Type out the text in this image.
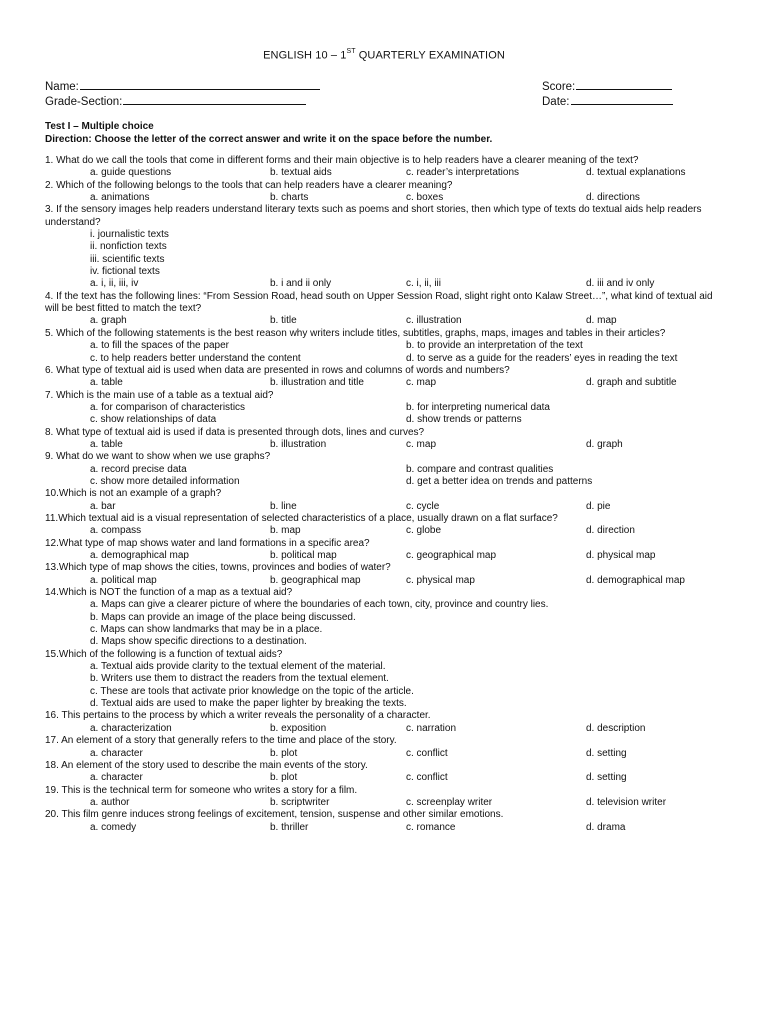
ENGLISH 10 – 1ST QUARTERLY EXAMINATION
Name:
Grade-Section:
Score:
Date:
Test I – Multiple choice
Direction: Choose the letter of the correct answer and write it on the space before the number.
1. What do we call the tools that come in different forms and their main objective is to help readers have a clearer meaning of the text?
a. guide questions	b. textual aids	c. reader’s interpretations	d. textual explanations
2. Which of the following belongs to the tools that can help readers have a clearer meaning?
a. animations	b. charts	c. boxes	d. directions
3. If the sensory images help readers understand literary texts such as poems and short stories, then which type of texts do textual aids help readers understand?
i. journalistic texts
ii. nonfiction texts
iii. scientific texts
iv. fictional texts
a. i, ii, iii, iv	b. i and ii only	c. i, ii, iii	d. iii and iv only
4. If the text has the following lines: “From Session Road, head south on Upper Session Road, slight right onto Kalaw Street…”, what kind of textual aid will be best fitted to match the text?
a. graph	b. title	c. illustration	d. map
5. Which of the following statements is the best reason why writers include titles, subtitles, graphs, maps, images and tables in their articles?
a. to fill the spaces of the paper	b. to provide an interpretation of the text
c. to help readers better understand the content	d. to serve as a guide for the readers’ eyes in reading the text
6. What type of textual aid is used when data are presented in rows and columns of words and numbers?
a. table	b. illustration and title	c. map	d. graph and subtitle
7. Which is the main use of a table as a textual aid?
a. for comparison of characteristics	b. for interpreting numerical data
c. show relationships of data	d. show trends or patterns
8. What type of textual aid is used if data is presented through dots, lines and curves?
a. table	b. illustration	c. map	d. graph
9. What do we want to show when we use graphs?
a. record precise data	b. compare and contrast qualities
c. show more detailed information	d. get a better idea on trends and patterns
10.Which is not an example of a graph?
a. bar	b. line	c. cycle	d. pie
11.Which textual aid is a visual representation of selected characteristics of a place, usually drawn on a flat surface?
a. compass	b. map	c. globe	d. direction
12.What type of map shows water and land formations in a specific area?
a. demographical map	b. political map	c. geographical map	d. physical map
13.Which type of map shows the cities, towns, provinces and bodies of water?
a. political map	b. geographical map	c. physical map	d. demographical map
14.Which is NOT the function of a map as a textual aid?
a. Maps can give a clearer picture of where the boundaries of each town, city, province and country lies.
b. Maps can provide an image of the place being discussed.
c. Maps can show landmarks that may be in a place.
d. Maps show specific directions to a destination.
15.Which of the following is a function of textual aids?
a. Textual aids provide clarity to the textual element of the material.
b. Writers use them to distract the readers from the textual element.
c. These are tools that activate prior knowledge on the topic of the article.
d. Textual aids are used to make the paper lighter by breaking the texts.
16. This pertains to the process by which a writer reveals the personality of a character.
a. characterization	b. exposition	c. narration	d. description
17. An element of a story that generally refers to the time and place of the story.
a. character	b. plot	c. conflict	d. setting
18. An element of the story used to describe the main events of the story.
a. character	b. plot	c. conflict	d. setting
19. This is the technical term for someone who writes a story for a film.
a. author	b. scriptwriter	c. screenplay writer	d. television writer
20. This film genre induces strong feelings of excitement, tension, suspense and other similar emotions.
a. comedy	b. thriller	c. romance	d. drama
